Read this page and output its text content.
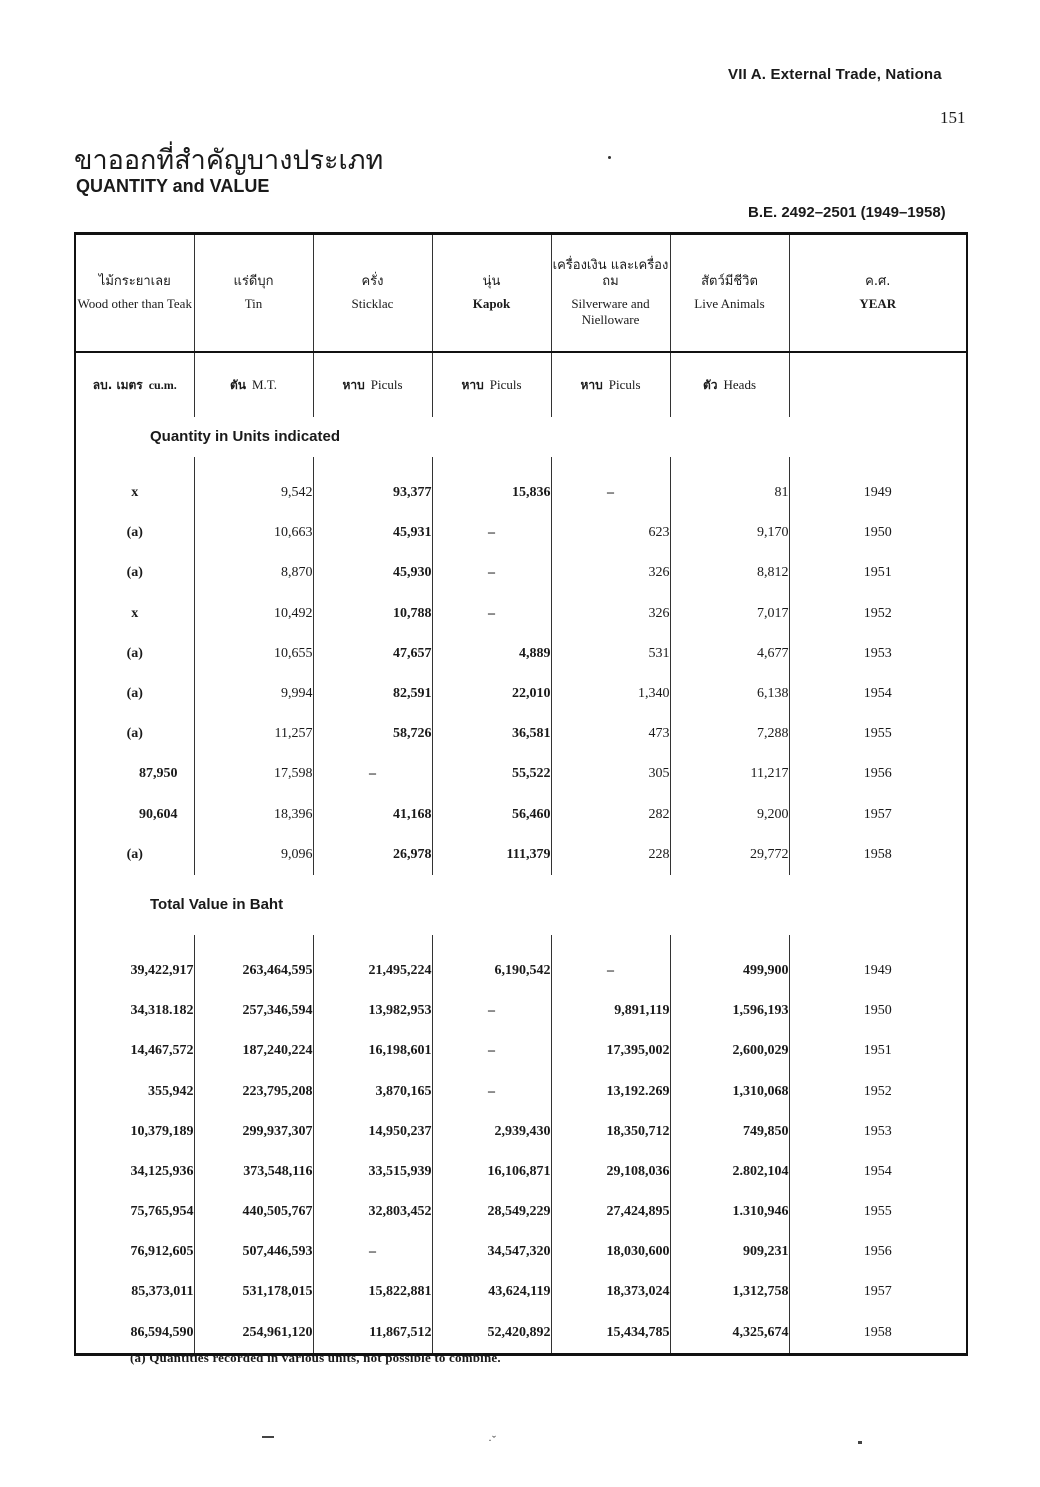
VII A. External Trade, Nationa
151
ขาออกที่สำคัญบางประเภท
QUANTITY and VALUE
B.E. 2492–2501 (1949–1958)
ไม้กระยาเลย
Wood other than Teak	แร่ดีบุก
Tin	ครั่ง
Sticklac	นุ่น
Kapok	เครื่องเงิน และเครื่องถม
Silverware and Nielloware	สัตว์มีชีวิต
Live Animals	ค.ศ.
YEAR

ลบ. เมตร cu.m.	ตัน M.T.	หาบ Piculs	หาบ Piculs	หาบ Piculs	ตัว Heads	
Quantity in Units indicated						

x	9,542	93,377	15,836	–	81	1949
(a)	10,663	45,931	–	623	9,170	1950
(a)	8,870	45,930	–	326	8,812	1951
x	10,492	10,788	–	326	7,017	1952
(a)	10,655	47,657	4,889	531	4,677	1953
(a)	9,994	82,591	22,010	1,340	6,138	1954
(a)	11,257	58,726	36,581	473	7,288	1955
87,950	17,598	–	55,522	305	11,217	1956
90,604	18,396	41,168	56,460	282	9,200	1957
(a)	9,096	26,978	111,379	228	29,772	1958
Total Value in Baht						

39,422,917	263,464,595	21,495,224	6,190,542	–	499,900	1949
34,318.182	257,346,594	13,982,953	–	9,891,119	1,596,193	1950
14,467,572	187,240,224	16,198,601	–	17,395,002	2,600,029	1951
355,942	223,795,208	3,870,165	–	13,192.269	1,310,068	1952
10,379,189	299,937,307	14,950,237	2,939,430	18,350,712	749,850	1953
34,125,936	373,548,116	33,515,939	16,106,871	29,108,036	2.802,104	1954
75,765,954	440,505,767	32,803,452	28,549,229	27,424,895	1.310,946	1955
76,912,605	507,446,593	–	34,547,320	18,030,600	909,231	1956
85,373,011	531,178,015	15,822,881	43,624,119	18,373,024	1,312,758	1957
86,594,590	254,961,120	11,867,512	52,420,892	15,434,785	4,325,674	1958
(a) Quantities recorded in various units, not possible to combine.
·ˇ
